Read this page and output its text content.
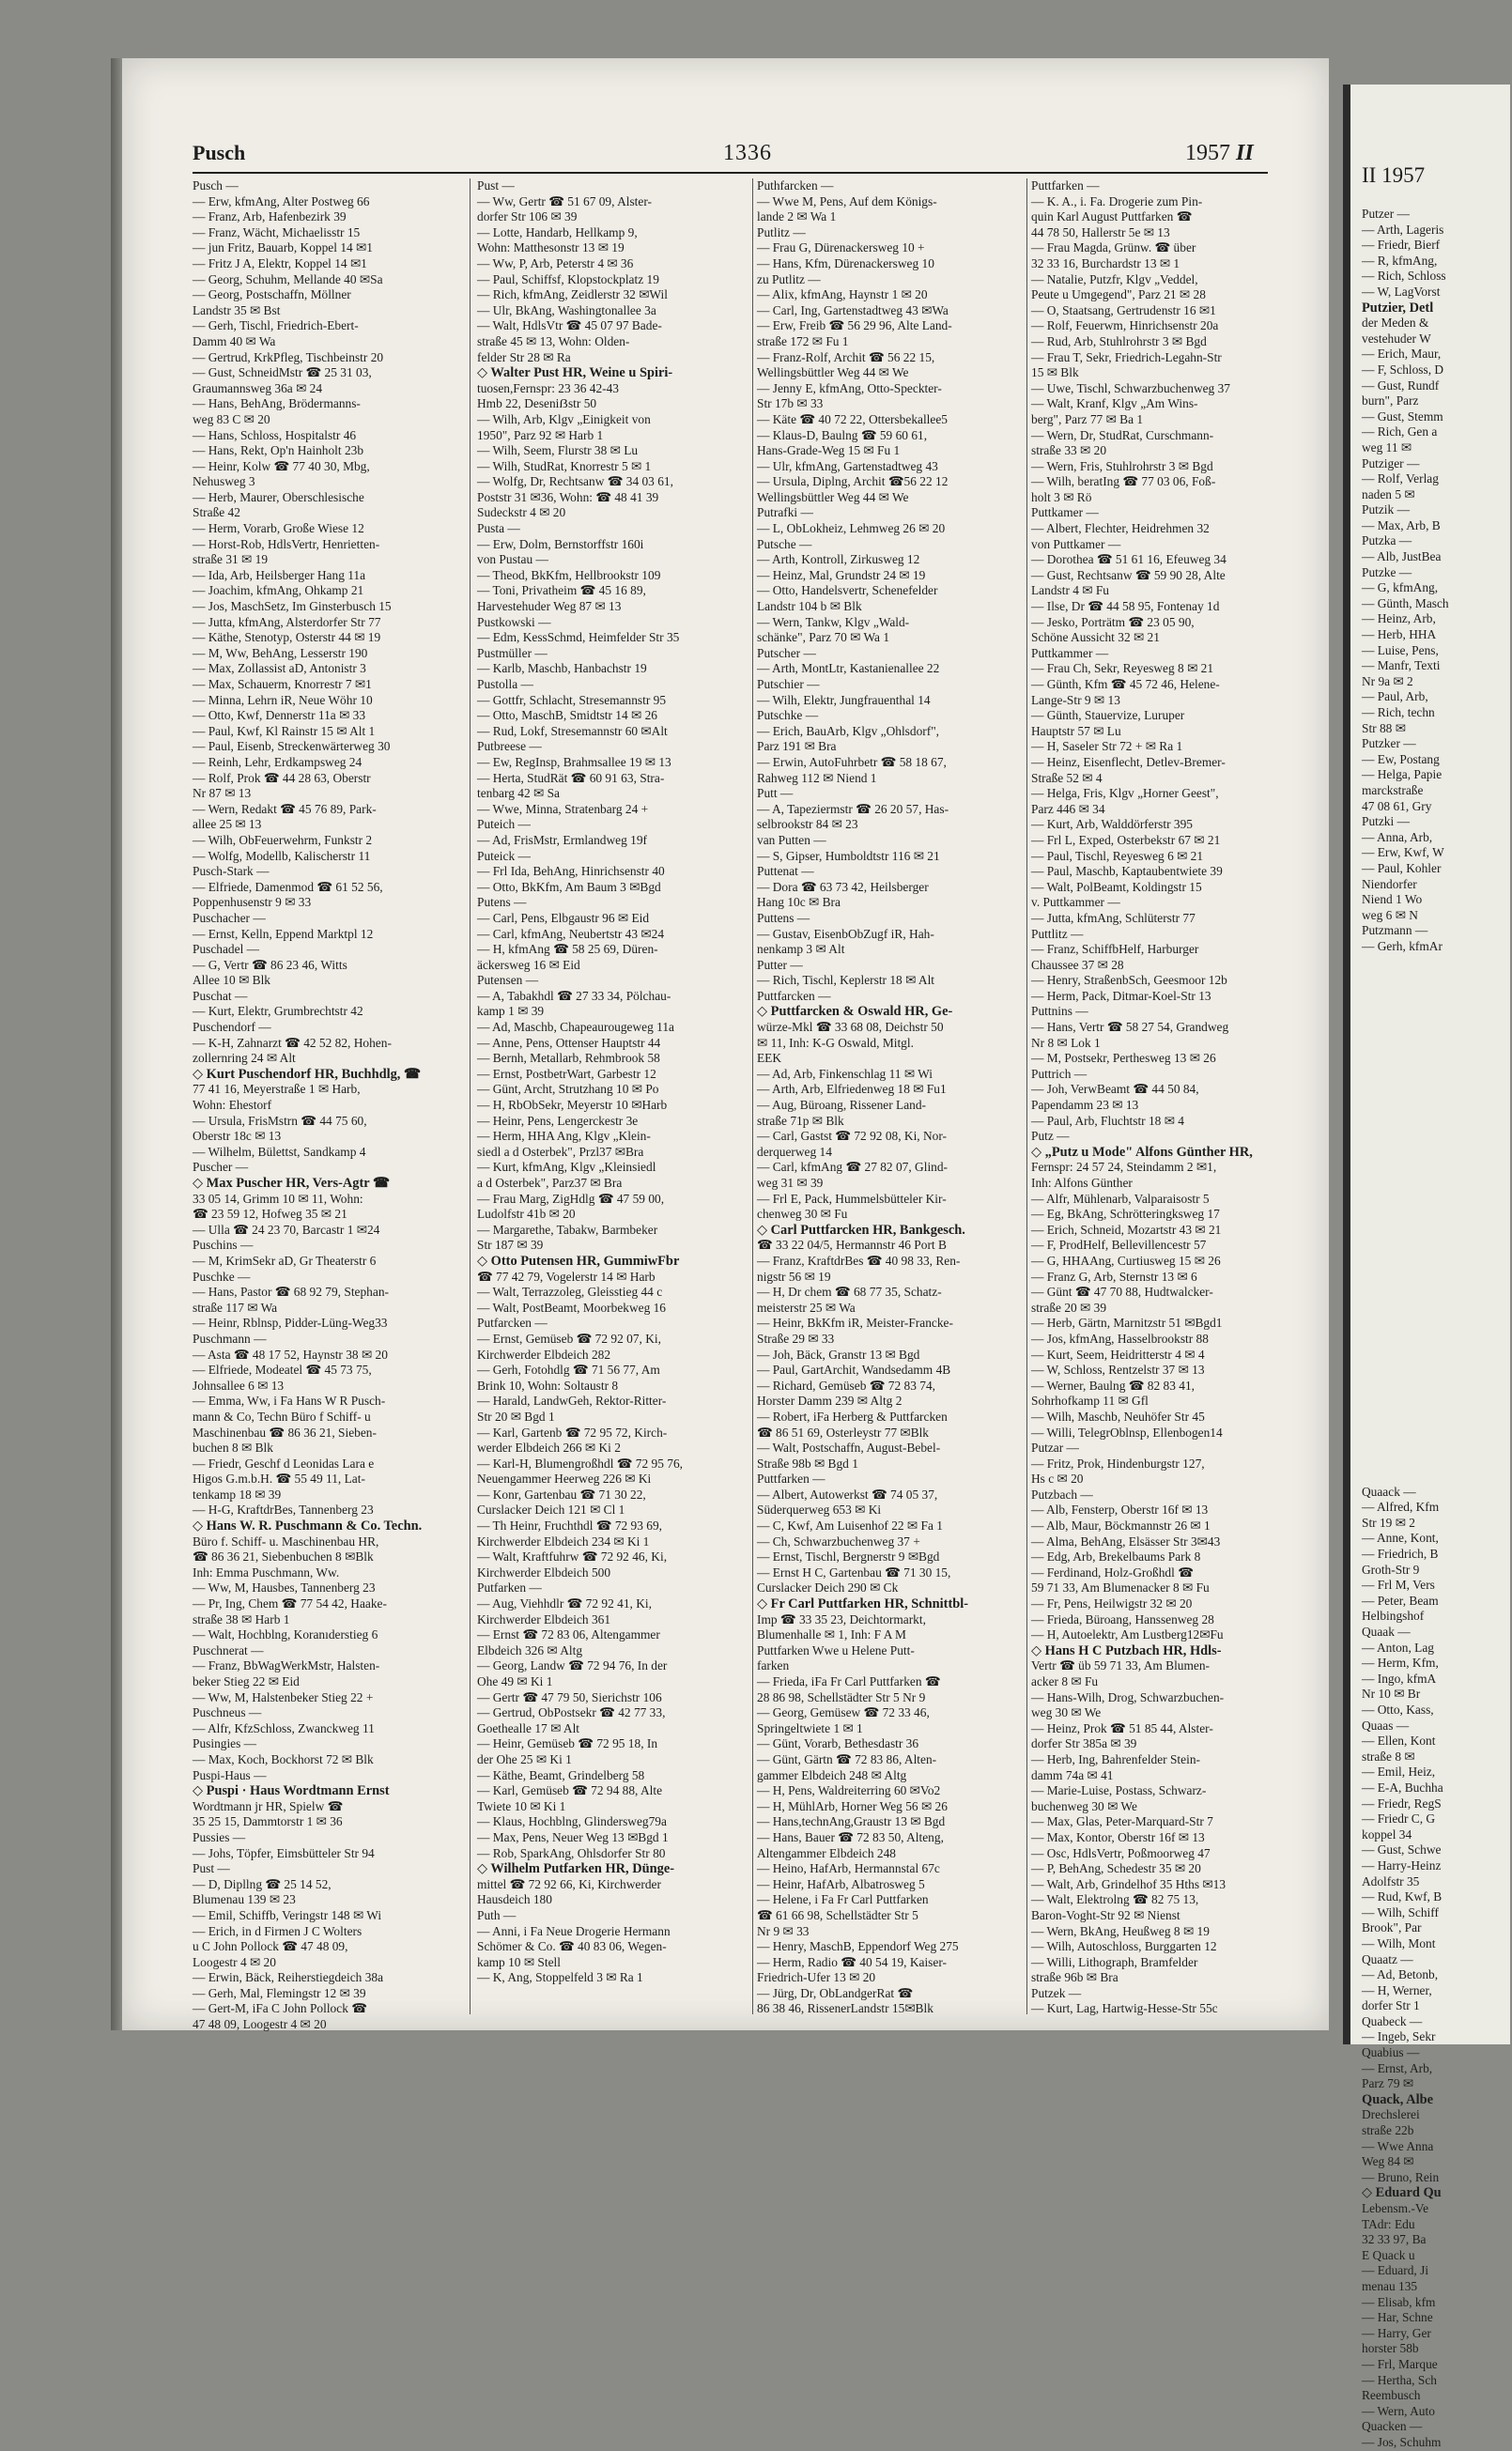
Pusch	1336	1957 II
Pusch —
— Erw, kfmAng, Alter Postweg 66
— Franz, Arb, Hafenbezirk 39
— Franz, Wächt, Michaelisstr 15
— jun Fritz, Bauarb, Koppel 14 ✉1
— Fritz J A, Elektr, Koppel 14 ✉1
— Georg, Schuhm, Mellande 40 ✉Sa
— Georg, Postschaffn, Möllner
Landstr 35 ✉ Bst
— Gerh, Tischl, Friedrich-Ebert-
Damm 40 ✉ Wa
— Gertrud, KrkPfleg, Tischbeinstr 20
— Gust, SchneidMstr ☎ 25 31 03,
Graumannsweg 36a ✉ 24
— Hans, BehAng, Brödermanns-
weg 83 C ✉ 20
— Hans, Schloss, Hospitalstr 46
— Hans, Rekt, Op'n Hainholt 23b
— Heinr, Kolw ☎ 77 40 30, Mbg,
Nehusweg 3
— Herb, Maurer, Oberschlesische
Straße 42
— Herm, Vorarb, Große Wiese 12
— Horst-Rob, HdlsVertr, Henrietten-
straße 31 ✉ 19
— Ida, Arb, Heilsberger Hang 11a
— Joachim, kfmAng, Ohkamp 21
— Jos, MaschSetz, Im Ginsterbusch 15
— Jutta, kfmAng, Alsterdorfer Str 77
— Käthe, Stenotyp, Osterstr 44 ✉ 19
— M, Ww, BehAng, Lesserstr 190
— Max, Zollassist aD, Antonistr 3
— Max, Schauerm, Knorrestr 7 ✉1
— Minna, Lehrn iR, Neue Wöhr 10
— Otto, Kwf, Dennerstr 11a ✉ 33
— Paul, Kwf, Kl Rainstr 15 ✉ Alt 1
— Paul, Eisenb, Streckenwärterweg 30
— Reinh, Lehr, Erdkampsweg 24
— Rolf, Prok ☎ 44 28 63, Oberstr
Nr 87 ✉ 13
— Wern, Redakt ☎ 45 76 89, Park-
allee 25 ✉ 13
— Wilh, ObFeuerwehrm, Funkstr 2
— Wolfg, Modellb, Kalischerstr 11
Pusch-Stark —
— Elfriede, Damenmod ☎ 61 52 56,
Poppenhusenstr 9 ✉ 33
Puschacher —
— Ernst, Kelln, Eppend Marktpl 12
Puschadel —
— G, Vertr ☎ 86 23 46, Witts
Allee 10 ✉ Blk
Puschat —
— Kurt, Elektr, Grumbrechtstr 42
Puschendorf —
— K-H, Zahnarzt ☎ 42 52 82, Hohen-
zollernring 24 ✉ Alt
◇ Kurt Puschendorf HR, Buchhdlg, ☎
77 41 16, Meyerstraße 1 ✉ Harb,
Wohn: Ehestorf
— Ursula, FrisMstrn ☎ 44 75 60,
Oberstr 18c ✉ 13
— Wilhelm, Bülettst, Sandkamp 4
Puscher —
◇ Max Puscher HR, Vers-Agtr ☎
33 05 14, Grimm 10 ✉ 11, Wohn:
☎ 23 59 12, Hofweg 35 ✉ 21
— Ulla ☎ 24 23 70, Barcastr 1 ✉24
Puschins —
— M, KrimSekr aD, Gr Theaterstr 6
Puschke —
— Hans, Pastor ☎ 68 92 79, Stephan-
straße 117 ✉ Wa
— Heinr, Rblnsp, Pidder-Lüng-Weg33
Puschmann —
— Asta ☎ 48 17 52, Haynstr 38 ✉ 20
— Elfriede, Modeatel ☎ 45 73 75,
Johnsallee 6 ✉ 13
— Emma, Ww, i Fa Hans W R Pusch-
mann & Co, Techn Büro f Schiff- u
Maschinenbau ☎ 86 36 21, Sieben-
buchen 8 ✉ Blk
— Friedr, Geschf d Leonidas Lara e
Higos G.m.b.H. ☎ 55 49 11, Lat-
tenkamp 18 ✉ 39
— H-G, KraftdrBes, Tannenberg 23
◇ Hans W. R. Puschmann & Co. Techn.
Büro f. Schiff- u. Maschinenbau HR,
☎ 86 36 21, Siebenbuchen 8 ✉Blk
Inh: Emma Puschmann, Ww.
— Ww, M, Hausbes, Tannenberg 23
— Pr, Ing, Chem ☎ 77 54 42, Haake-
straße 38 ✉ Harb 1
— Walt, Hochblng, Koranıderstieg 6
Puschnerat —
— Franz, BbWagWerkMstr, Halsten-
beker Stieg 22 ✉ Eid
— Ww, M, Halstenbeker Stieg 22 +
Puschneus —
— Alfr, KfzSchloss, Zwanckweg 11
Pusingies —
— Max, Koch, Bockhorst 72 ✉ Blk
Puspi-Haus —
◇ Puspi · Haus Wordtmann Ernst
Wordtmann jr HR, Spielw ☎
35 25 15, Dammtorstr 1 ✉ 36
Pussies —
— Johs, Töpfer, Eimsbütteler Str 94
Pust —
— D, Dipllng ☎ 25 14 52,
Blumenau 139 ✉ 23
— Emil, Schiffb, Veringstr 148 ✉ Wi
— Erich, in d Firmen J C Wolters
u C John Pollock ☎ 47 48 09,
Loogestr 4 ✉ 20
— Erwin, Bäck, Reiherstiegdeich 38a
— Gerh, Mal, Flemingstr 12 ✉ 39
— Gert-M, iFa C John Pollock ☎
47 48 09, Loogestr 4 ✉ 20
Pust —
— Ww, Gertr ☎ 51 67 09, Alster-
dorfer Str 106 ✉ 39
— Lotte, Handarb, Hellkamp 9,
Wohn: Matthesonstr 13 ✉ 19
— Ww, P, Arb, Peterstr 4 ✉ 36
— Paul, Schiffsf, Klopstockplatz 19
— Rich, kfmAng, Zeidlerstr 32 ✉Wil
— Ulr, BkAng, Washingtonallee 3a
— Walt, HdlsVtr ☎ 45 07 97 Bade-
straße 45 ✉ 13, Wohn: Olden-
felder Str 28 ✉ Ra
◇ Walter Pust HR, Weine u Spiri-
tuosen,Fernspr: 23 36 42-43
Hmb 22, Deseniẞstr 50
— Wilh, Arb, Klgv „Einigkeit von
1950", Parz 92 ✉ Harb 1
— Wilh, Seem, Flurstr 38 ✉ Lu
— Wilh, StudRat, Knorrestr 5 ✉ 1
— Wolfg, Dr, Rechtsanw ☎ 34 03 61,
Poststr 31 ✉36, Wohn: ☎ 48 41 39
Sudeckstr 4 ✉ 20
Pusta —
— Erw, Dolm, Bernstorffstr 160i
von Pustau —
— Theod, BkKfm, Hellbrookstr 109
— Toni, Privatheim ☎ 45 16 89,
Harvestehuder Weg 87 ✉ 13
Pustkowski —
— Edm, KessSchmd, Heimfelder Str 35
Pustmüller —
— Karlb, Maschb, Hanbachstr 19
Pustolla —
— Gottfr, Schlacht, Stresemannstr 95
— Otto, MaschB, Smidtstr 14 ✉ 26
— Rud, Lokf, Stresemannstr 60 ✉Alt
Putbreese —
— Ew, RegInsp, Brahmsallee 19 ✉ 13
— Herta, StudRät ☎ 60 91 63, Stra-
tenbarg 42 ✉ Sa
— Wwe, Minna, Stratenbarg 24 +
Puteich —
— Ad, FrisMstr, Ermlandweg 19f
Puteick —
— Frl Ida, BehAng, Hinrichsenstr 40
— Otto, BkKfm, Am Baum 3 ✉Bgd
Putens —
— Carl, Pens, Elbgaustr 96 ✉ Eid
— Carl, kfmAng, Neubertstr 43 ✉24
— H, kfmAng ☎ 58 25 69, Düren-
äckersweg 16 ✉ Eid
Putensen —
— A, Tabakhdl ☎ 27 33 34, Pölchau-
kamp 1 ✉ 39
— Ad, Maschb, Chapeaurougeweg 11a
— Anne, Pens, Ottenser Hauptstr 44
— Bernh, Metallarb, Rehmbrook 58
— Ernst, PostbetrWart, Garbestr 12
— Günt, Archt, Strutzhang 10 ✉ Po
— H, RbObSekr, Meyerstr 10 ✉Harb
— Heinr, Pens, Lengerckestr 3e
— Herm, HHA Ang, Klgv „Klein-
siedl a d Osterbek", Przl37 ✉Bra
— Kurt, kfmAng, Klgv „Kleinsiedl
a d Osterbek", Parz37 ✉ Bra
— Frau Marg, ZigHdlg ☎ 47 59 00,
Ludolfstr 41b ✉ 20
— Margarethe, Tabakw, Barmbeker
Str 187 ✉ 39
◇ Otto Putensen HR, GummiwFbr
☎ 77 42 79, Vogelerstr 14 ✉ Harb
— Walt, Terrazzoleg, Gleisstieg 44 c
— Walt, PostBeamt, Moorbekweg 16
Putfarcken —
— Ernst, Gemüseb ☎ 72 92 07, Ki,
Kirchwerder Elbdeich 282
— Gerh, Fotohdlg ☎ 71 56 77, Am
Brink 10, Wohn: Soltaustr 8
— Harald, LandwGeh, Rektor-Ritter-
Str 20 ✉ Bgd 1
— Karl, Gartenb ☎ 72 95 72, Kirch-
werder Elbdeich 266 ✉ Ki 2
— Karl-H, Blumengroßhdl ☎ 72 95 76,
Neuengammer Heerweg 226 ✉ Ki
— Konr, Gartenbau ☎ 71 30 22,
Curslacker Deich 121 ✉ Cl 1
— Th Heinr, Fruchthdl ☎ 72 93 69,
Kirchwerder Elbdeich 234 ✉ Ki 1
— Walt, Kraftfuhrw ☎ 72 92 46, Ki,
Kirchwerder Elbdeich 500
Putfarken —
— Aug, Viehhdlr ☎ 72 92 41, Ki,
Kirchwerder Elbdeich 361
— Ernst ☎ 72 83 06, Altengammer
Elbdeich 326 ✉ Altg
— Georg, Landw ☎ 72 94 76, In der
Ohe 49 ✉ Ki 1
— Gertr ☎ 47 79 50, Sierichstr 106
— Gertrud, ObPostsekr ☎ 42 77 33,
Goethealle 17 ✉ Alt
— Heinr, Gemüseb ☎ 72 95 18, In
der Ohe 25 ✉ Ki 1
— Käthe, Beamt, Grindelberg 58
— Karl, Gemüseb ☎ 72 94 88, Alte
Twiete 10 ✉ Ki 1
— Klaus, Hochblng, Glindersweg79a
— Max, Pens, Neuer Weg 13 ✉Bgd 1
— Rob, SparkAng, Ohlsdorfer Str 80
◇ Wilhelm Putfarken HR, Dünge-
mittel ☎ 72 92 66, Ki, Kirchwerder
Hausdeich 180
Puth —
— Anni, i Fa Neue Drogerie Hermann
Schömer & Co. ☎ 40 83 06, Wegen-
kamp 10 ✉ Stell
— K, Ang, Stoppelfeld 3 ✉ Ra 1
Puthfarcken —
— Wwe M, Pens, Auf dem Königs-
lande 2 ✉ Wa 1
Putlitz —
— Frau G, Dürenackersweg 10 +
— Hans, Kfm, Dürenackersweg 10
zu Putlitz —
— Alix, kfmAng, Haynstr 1 ✉ 20
— Carl, Ing, Gartenstadtweg 43 ✉Wa
— Erw, Freib ☎ 56 29 96, Alte Land-
straße 172 ✉ Fu 1
— Franz-Rolf, Archit ☎ 56 22 15,
Wellingsbüttler Weg 44 ✉ We
— Jenny E, kfmAng, Otto-Speckter-
Str 17b ✉ 33
— Käte ☎ 40 72 22, Ottersbekallee5
— Klaus-D, Baulng ☎ 59 60 61,
Hans-Grade-Weg 15 ✉ Fu 1
— Ulr, kfmAng, Gartenstadtweg 43
— Ursula, Diplng, Archit ☎56 22 12
Wellingsbüttler Weg 44 ✉ We
Putrafki —
— L, ObLokheiz, Lehmweg 26 ✉ 20
Putsche —
— Arth, Kontroll, Zirkusweg 12
— Heinz, Mal, Grundstr 24 ✉ 19
— Otto, Handelsvertr, Schenefelder
Landstr 104 b ✉ Blk
— Wern, Tankw, Klgv „Wald-
schänke", Parz 70 ✉ Wa 1
Putscher —
— Arth, MontLtr, Kastanienallee 22
Putschier —
— Wilh, Elektr, Jungfrauenthal 14
Putschke —
— Erich, BauArb, Klgv „Ohlsdorf",
Parz 191 ✉ Bra
— Erwin, AutoFuhrbetr ☎ 58 18 67,
Rahweg 112 ✉ Niend 1
Putt —
— A, Tapeziermstr ☎ 26 20 57, Has-
selbrookstr 84 ✉ 23
van Putten —
— S, Gipser, Humboldtstr 116 ✉ 21
Puttenat —
— Dora ☎ 63 73 42, Heilsberger
Hang 10c ✉ Bra
Puttens —
— Gustav, EisenbObZugf iR, Hah-
nenkamp 3 ✉ Alt
Putter —
— Rich, Tischl, Keplerstr 18 ✉ Alt
Puttfarcken —
◇ Puttfarcken & Oswald HR, Ge-
würze-Mkl ☎ 33 68 08, Deichstr 50
✉ 11, Inh: K-G Oswald, Mitgl.
EEK
— Ad, Arb, Finkenschlag 11 ✉ Wi
— Arth, Arb, Elfriedenweg 18 ✉ Fu1
— Aug, Büroang, Rissener Land-
straße 71p ✉ Blk
— Carl, Gastst ☎ 72 92 08, Ki, Nor-
derquerweg 14
— Carl, kfmAng ☎ 27 82 07, Glind-
weg 31 ✉ 39
— Frl E, Pack, Hummelsbütteler Kir-
chenweg 30 ✉ Fu
◇ Carl Puttfarcken HR, Bankgesch.
☎ 33 22 04/5, Hermannstr 46 Port B
— Franz, KraftdrBes ☎ 40 98 33, Ren-
nigstr 56 ✉ 19
— H, Dr chem ☎ 68 77 35, Schatz-
meisterstr 25 ✉ Wa
— Heinr, BkKfm iR, Meister-Francke-
Straße 29 ✉ 33
— Joh, Bäck, Granstr 13 ✉ Bgd
— Paul, GartArchit, Wandsedamm 4B
— Richard, Gemüseb ☎ 72 83 74,
Horster Damm 239 ✉ Altg 2
— Robert, iFa Herberg & Puttfarcken
☎ 86 51 69, Osterleystr 77 ✉Blk
— Walt, Postschaffn, August-Bebel-
Straße 98b ✉ Bgd 1
Puttfarken —
— Albert, Autowerkst ☎ 74 05 37,
Süderquerweg 653 ✉ Ki
— C, Kwf, Am Luisenhof 22 ✉ Fa 1
— Ch, Schwarzbuchenweg 37 +
— Ernst, Tischl, Bergnerstr 9 ✉Bgd
— Ernst H C, Gartenbau ☎ 71 30 15,
Curslacker Deich 290 ✉ Ck
◇ Fr Carl Puttfarken HR, Schnittbl-
Imp ☎ 33 35 23, Deichtormarkt,
Blumenhalle ✉ 1, Inh: F A M
Puttfarken Wwe u Helene Putt-
farken
— Frieda, iFa Fr Carl Puttfarken ☎
28 86 98, Schellstädter Str 5 Nr 9
— Georg, Gemüsew ☎ 72 33 46,
Springeltwiete 1 ✉ 1
— Günt, Vorarb, Bethesdastr 36
— Günt, Gärtn ☎ 72 83 86, Alten-
gammer Elbdeich 248 ✉ Altg
— H, Pens, Waldreiterring 60 ✉Vo2
— H, MühlArb, Horner Weg 56 ✉ 26
— Hans,technAng,Graustr 13 ✉ Bgd
— Hans, Bauer ☎ 72 83 50, Alteng,
Altengammer Elbdeich 248
— Heino, HafArb, Hermannstal 67c
— Heinr, HafArb, Albatrosweg 5
— Helene, i Fa Fr Carl Puttfarken
☎ 61 66 98, Schellstädter Str 5
Nr 9 ✉ 33
— Henry, MaschB, Eppendorf Weg 275
— Herm, Radio ☎ 40 54 19, Kaiser-
Friedrich-Ufer 13 ✉ 20
— Jürg, Dr, ObLandgerRat ☎
86 38 46, RissenerLandstr 15✉Blk
Puttfarken —
— K. A., i. Fa. Drogerie zum Pin-
quin Karl August Puttfarken ☎
44 78 50, Hallerstr 5e ✉ 13
— Frau Magda, Grünw. ☎ über
32 33 16, Burchardstr 13 ✉ 1
— Natalie, Putzfr, Klgv „Veddel,
Peute u Umgegend", Parz 21 ✉ 28
— O, Staatsang, Gertrudenstr 16 ✉1
— Rolf, Feuerwm, Hinrichsenstr 20a
— Rud, Arb, Stuhlrohrstr 3 ✉ Bgd
— Frau T, Sekr, Friedrich-Legahn-Str
15 ✉ Blk
— Uwe, Tischl, Schwarzbuchenweg 37
— Walt, Kranf, Klgv „Am Wins-
berg", Parz 77 ✉ Ba 1
— Wern, Dr, StudRat, Curschmann-
straße 33 ✉ 20
— Wern, Fris, Stuhlrohrstr 3 ✉ Bgd
— Wilh, beratIng ☎ 77 03 06, Foß-
holt 3 ✉ Rö
Puttkamer —
— Albert, Flechter, Heidrehmen 32
von Puttkamer —
— Dorothea ☎ 51 61 16, Efeuweg 34
— Gust, Rechtsanw ☎ 59 90 28, Alte
Landstr 4 ✉ Fu
— Ilse, Dr ☎ 44 58 95, Fontenay 1d
— Jesko, Porträtm ☎ 23 05 90,
Schöne Aussicht 32 ✉ 21
Puttkammer —
— Frau Ch, Sekr, Reyesweg 8 ✉ 21
— Günth, Kfm ☎ 45 72 46, Helene-
Lange-Str 9 ✉ 13
— Günth, Stauervize, Luruper
Hauptstr 57 ✉ Lu
— H, Saseler Str 72 + ✉ Ra 1
— Heinz, Eisenflecht, Detlev-Bremer-
Straße 52 ✉ 4
— Helga, Fris, Klgv „Horner Geest",
Parz 446 ✉ 34
— Kurt, Arb, Walddörferstr 395
— Frl L, Exped, Osterbekstr 67 ✉ 21
— Paul, Tischl, Reyesweg 6 ✉ 21
— Paul, Maschb, Kaptaubentwiete 39
— Walt, PolBeamt, Koldingstr 15
v. Puttkammer —
— Jutta, kfmAng, Schlüterstr 77
Puttlitz —
— Franz, SchiffbHelf, Harburger
Chaussee 37 ✉ 28
— Henry, StraßenbSch, Geesmoor 12b
— Herm, Pack, Ditmar-Koel-Str 13
Puttnins —
— Hans, Vertr ☎ 58 27 54, Grandweg
Nr 8 ✉ Lok 1
— M, Postsekr, Perthesweg 13 ✉ 26
Puttrich —
— Joh, VerwBeamt ☎ 44 50 84,
Papendamm 23 ✉ 13
— Paul, Arb, Fluchtstr 18 ✉ 4
Putz —
◇ „Putz u Mode" Alfons Günther HR,
Fernspr: 24 57 24, Steindamm 2 ✉1,
Inh: Alfons Günther
— Alfr, Mühlenarb, Valparaisostr 5
— Eg, BkAng, Schrötteringksweg 17
— Erich, Schneid, Mozartstr 43 ✉ 21
— F, ProdHelf, Bellevillencestr 57
— G, HHAAng, Curtiusweg 15 ✉ 26
— Franz G, Arb, Sternstr 13 ✉ 6
— Günt ☎ 47 70 88, Hudtwalcker-
straße 20 ✉ 39
— Herb, Gärtn, Marnitzstr 51 ✉Bgd1
— Jos, kfmAng, Hasselbrookstr 88
— Kurt, Seem, Heidritterstr 4 ✉ 4
— W, Schloss, Rentzelstr 37 ✉ 13
— Werner, Baulng ☎ 82 83 41,
Sohrhofkamp 11 ✉ Gfl
— Wilh, Maschb, Neuhöfer Str 45
— Willi, TelegrOblnsp, Ellenbogen14
Putzar —
— Fritz, Prok, Hindenburgstr 127,
Hs c ✉ 20
Putzbach —
— Alb, Fensterp, Oberstr 16f ✉ 13
— Alb, Maur, Böckmannstr 26 ✉ 1
— Alma, BehAng, Elsässer Str 3✉43
— Edg, Arb, Brekelbaums Park 8
— Ferdinand, Holz-Großhdl ☎
59 71 33, Am Blumenacker 8 ✉ Fu
— Fr, Pens, Heilwigstr 32 ✉ 20
— Frieda, Büroang, Hanssenweg 28
— H, Autoelektr, Am Lustberg12✉Fu
◇ Hans H C Putzbach HR, Hdls-
Vertr ☎ üb 59 71 33, Am Blumen-
acker 8 ✉ Fu
— Hans-Wilh, Drog, Schwarzbuchen-
weg 30 ✉ We
— Heinz, Prok ☎ 51 85 44, Alster-
dorfer Str 385a ✉ 39
— Herb, Ing, Bahrenfelder Stein-
damm 74a ✉ 41
— Marie-Luise, Postass, Schwarz-
buchenweg 30 ✉ We
— Max, Glas, Peter-Marquard-Str 7
— Max, Kontor, Oberstr 16f ✉ 13
— Osc, HdlsVertr, Poßmoorweg 47
— P, BehAng, Schedestr 35 ✉ 20
— Walt, Arb, Grindelhof 35 Hths ✉13
— Walt, Elektrolng ☎ 82 75 13,
Baron-Voght-Str 92 ✉ Nienst
— Wern, BkAng, Heußweg 8 ✉ 19
— Wilh, Autoschloss, Burggarten 12
— Willi, Lithograph, Bramfelder
straße 96b ✉ Bra
Putzek —
— Kurt, Lag, Hartwig-Hesse-Str 55c
II 1957
Putzer —
— Arth, Lageris
— Friedr, Bierf
— R, kfmAng,
— Rich, Schloss
— W, LagVorst
Putzier, Detl
der Meden &
vestehuder W
— Erich, Maur,
— F, Schloss, D
— Gust, Rundf
burn", Parz
— Gust, Stemm
— Rich, Gen a
weg 11 ✉
Putziger —
— Rolf, Verlag
naden 5 ✉
Putzik —
— Max, Arb, B
Putzka —
— Alb, JustBea
Putzke —
— G, kfmAng,
— Günth, Masch
— Heinz, Arb,
— Herb, HHA
— Luise, Pens,
— Manfr, Texti
Nr 9a ✉ 2
— Paul, Arb,
— Rich, techn
Str 88 ✉
Putzker —
— Ew, Postang
— Helga, Papie
marckstraße
47 08 61, Gry
Putzki —
— Anna, Arb,
— Erw, Kwf, W
— Paul, Kohler
Niendorfer
Niend 1 Wo
weg 6 ✉ N
Putzmann —
— Gerh, kfmAr

Quaack —
— Alfred, Kfm
Str 19 ✉ 2
— Anne, Kont,
— Friedrich, B
Groth-Str 9
— Frl M, Vers
— Peter, Beam
Helbingshof
Quaak —
— Anton, Lag
— Herm, Kfm,
— Ingo, kfmA
Nr 10 ✉ Br
— Otto, Kass,
Quaas —
— Ellen, Kont
straße 8 ✉
— Emil, Heiz,
— E-A, Buchha
— Friedr, RegS
— Friedr C, G
koppel 34
— Gust, Schwe
— Harry-Heinz
Adolfstr 35
— Rud, Kwf, B
— Wilh, Schiff
Brook", Par
— Wilh, Mont
Quaatz —
— Ad, Betonb,
— H, Werner,
dorfer Str 1
Quabeck —
— Ingeb, Sekr
Quabius —
— Ernst, Arb,
Parz 79 ✉
Quack, Albe
Drechslerei
straße 22b
— Wwe Anna
Weg 84 ✉
— Bruno, Rein
◇ Eduard Qu
Lebensm.-Ve
TAdr: Edu
32 33 97, Ba
E Quack u
— Eduard, Ji
menau 135
— Elisab, kfm
— Har, Schne
— Harry, Ger
horster 58b
— Frl, Marque
— Hertha, Sch
Reembusch
— Wern, Auto
Quacken —
— Jos, Schuhm
